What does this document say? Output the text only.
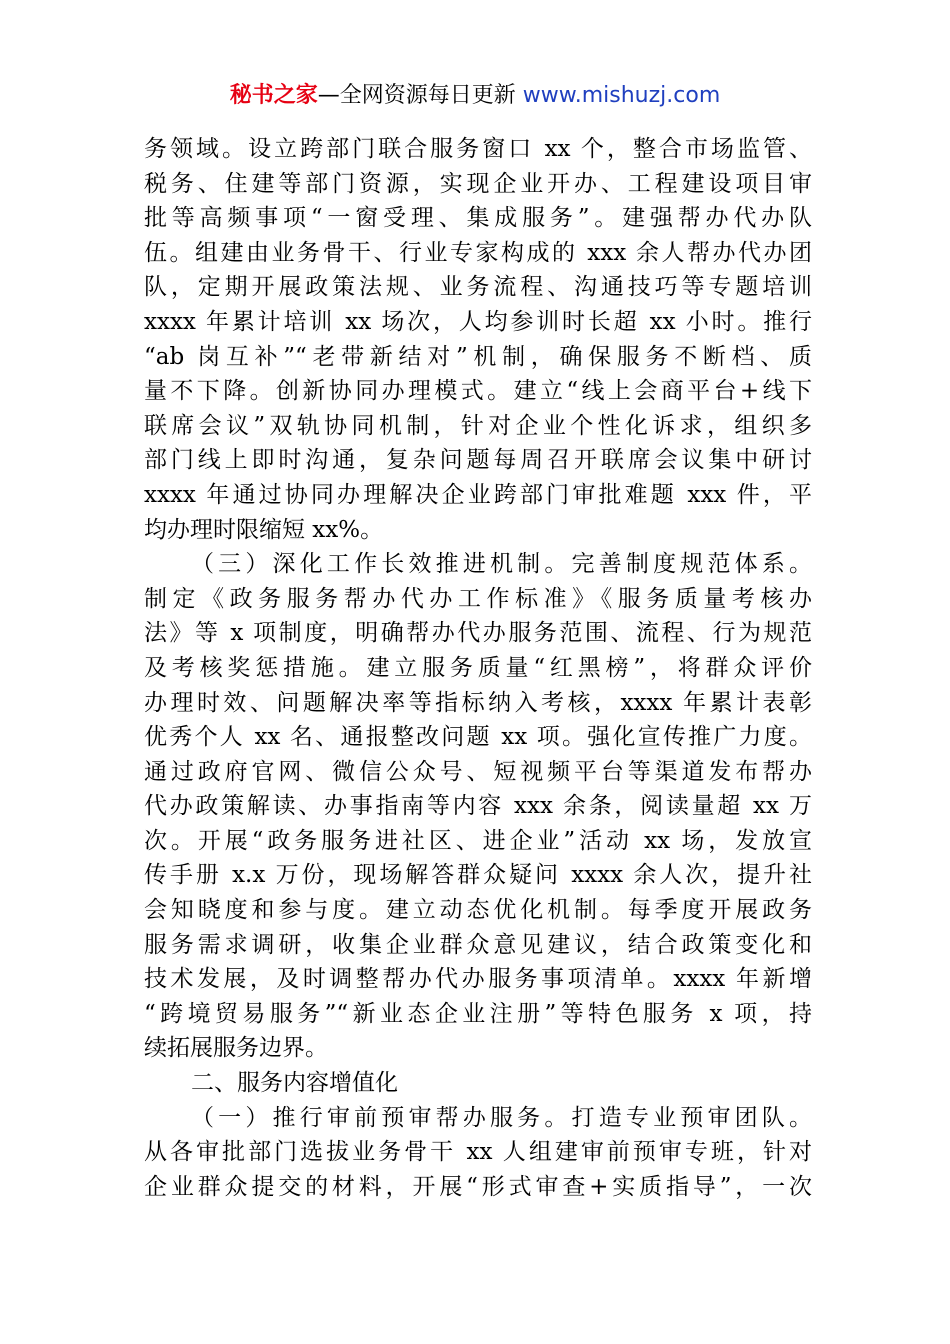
秘书之家—全网资源每日更新 www.mishuzj.com
务领域。设立跨部门联合服务窗口 xx 个，整合市场监管、
税务、住建等部门资源，实现企业开办、工程建设项目审
批等高频事项“一窗受理、集成服务”。建强帮办代办队
伍。组建由业务骨干、行业专家构成的 xxx 余人帮办代办团
队，定期开展政策法规、业务流程、沟通技巧等专题培训
xxxx 年累计培训 xx 场次，人均参训时长超 xx 小时。推行
“ab 岗互补”“老带新结对”机制，确保服务不断档、质
量不下降。创新协同办理模式。建立“线上会商平台+线下
联席会议”双轨协同机制，针对企业个性化诉求，组织多
部门线上即时沟通，复杂问题每周召开联席会议集中研讨
xxxx 年通过协同办理解决企业跨部门审批难题 xxx 件，平
均办理时限缩短 xx%。
（三）深化工作长效推进机制。完善制度规范体系。
制定《政务服务帮办代办工作标准》《服务质量考核办
法》等 x 项制度，明确帮办代办服务范围、流程、行为规范
及考核奖惩措施。建立服务质量“红黑榜”，将群众评价
办理时效、问题解决率等指标纳入考核，xxxx 年累计表彰
优秀个人 xx 名、通报整改问题 xx 项。强化宣传推广力度。
通过政府官网、微信公众号、短视频平台等渠道发布帮办
代办政策解读、办事指南等内容 xxx 余条，阅读量超 xx 万
次。开展“政务服务进社区、进企业”活动 xx 场，发放宣
传手册 x.x 万份，现场解答群众疑问 xxxx 余人次，提升社
会知晓度和参与度。建立动态优化机制。每季度开展政务
服务需求调研，收集企业群众意见建议，结合政策变化和
技术发展，及时调整帮办代办服务事项清单。xxxx 年新增
“跨境贸易服务”“新业态企业注册”等特色服务 x 项，持
续拓展服务边界。
二、服务内容增值化
（一）推行审前预审帮办服务。打造专业预审团队。
从各审批部门选拔业务骨干 xx 人组建审前预审专班，针对
企业群众提交的材料，开展“形式审查+实质指导”，一次
